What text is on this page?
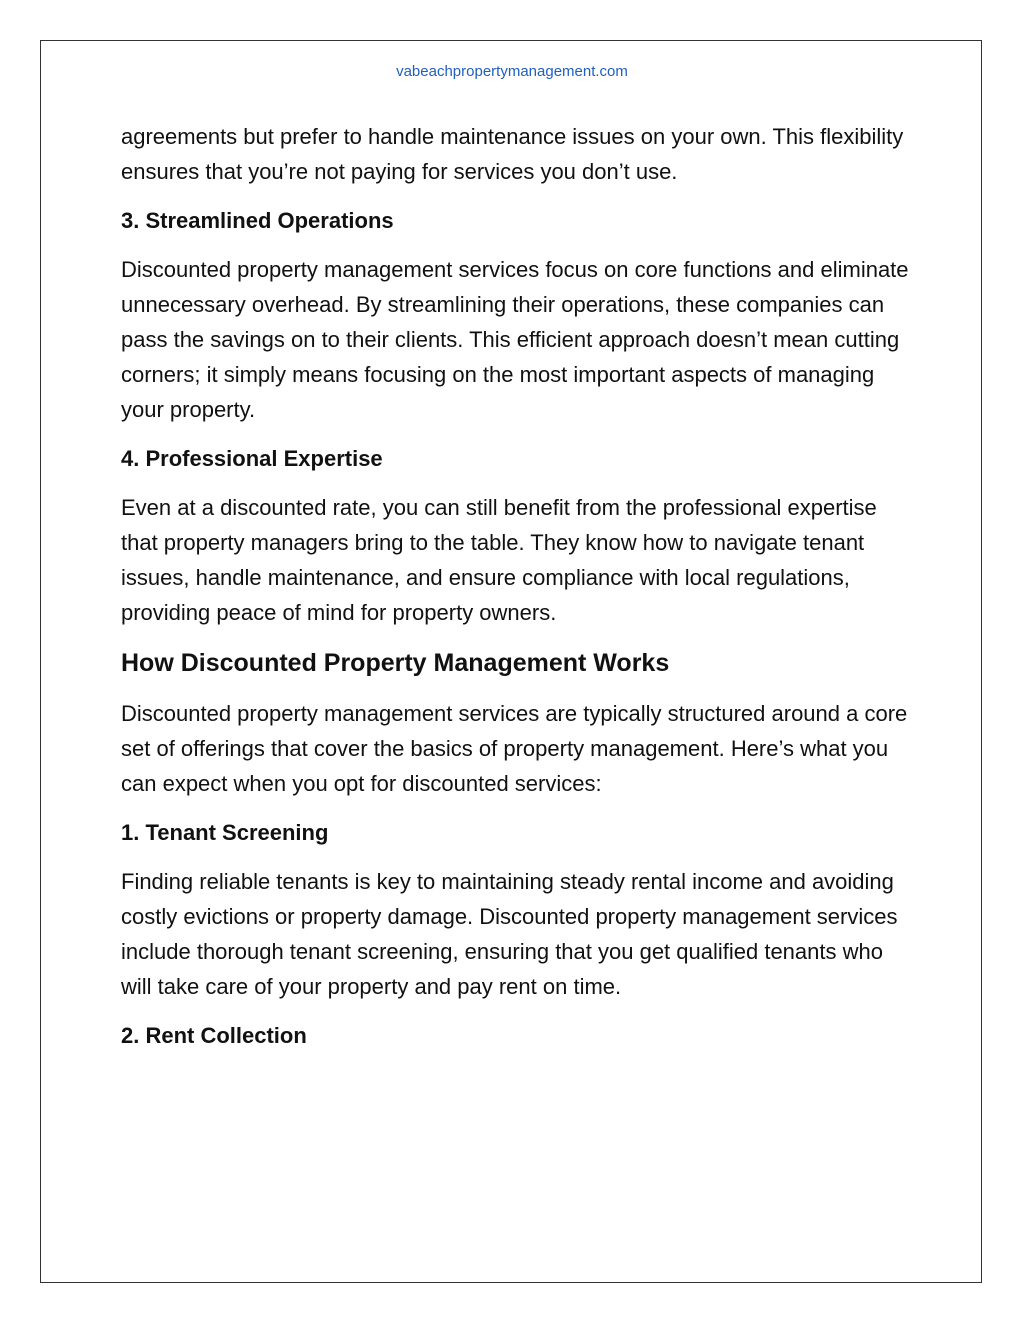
vabeachpropertymanagement.com

agreements but prefer to handle maintenance issues on your own. This flexibility ensures that you’re not paying for services you don’t use.

3. Streamlined Operations

Discounted property management services focus on core functions and eliminate unnecessary overhead. By streamlining their operations, these companies can pass the savings on to their clients. This efficient approach doesn’t mean cutting corners; it simply means focusing on the most important aspects of managing your property.

4. Professional Expertise

Even at a discounted rate, you can still benefit from the professional expertise that property managers bring to the table. They know how to navigate tenant issues, handle maintenance, and ensure compliance with local regulations, providing peace of mind for property owners.

How Discounted Property Management Works

Discounted property management services are typically structured around a core set of offerings that cover the basics of property management. Here’s what you can expect when you opt for discounted services:

1. Tenant Screening

Finding reliable tenants is key to maintaining steady rental income and avoiding costly evictions or property damage. Discounted property management services include thorough tenant screening, ensuring that you get qualified tenants who will take care of your property and pay rent on time.

2. Rent Collection
